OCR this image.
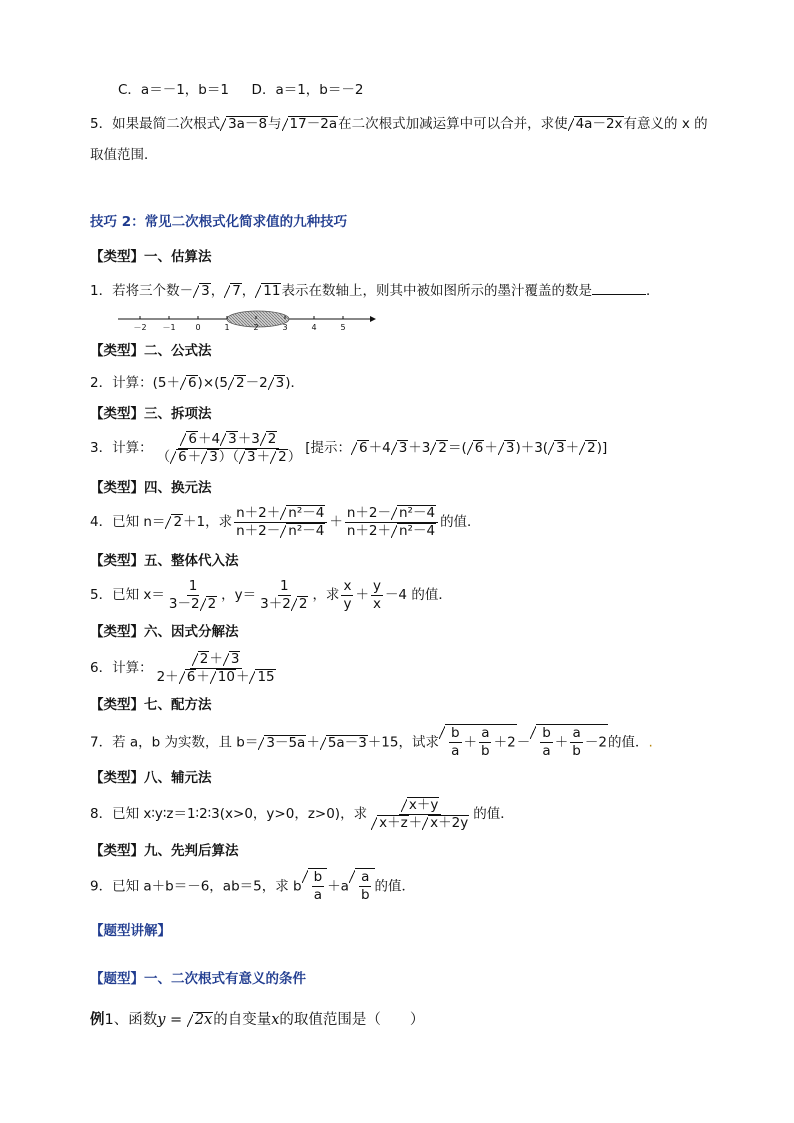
C．a＝－1，b＝1 D．a＝1，b＝－2
5．如果最简二次根式 3a－8与 17－2a在二次根式加减运算中可以合并，求使 4a－2x有意义的 x 的
取值范围．
技巧 2：常见二次根式化简求值的九种技巧
【类型】一、估算法
1．若将三个数－ 3， 7， 11表示在数轴上，则其中被如图所示的墨汁覆盖的数是	．
－2 －1 0	1	2	3	4	5
【类型】二、公式法
2．计算：(5＋ 6)×(5 2－2 3)．
【类型】三、拆项法
3．计算： $\frac{6+4 3+3 2}{( 6+ 3)( 3+ 2)}$ [提示： 6＋4 3＋3 2＝( 6＋ 3)＋3( 3＋ 2)]
【类型】四、换元法
4．已知 n＝ 2＋1，求 $\frac{\text{n＋2＋ n²－4}}{\text{n＋2－ n²－4}} + \frac{\text{n＋2－ n²－4}}{\text{n＋2＋ n²－4}}$ 的值．
【类型】五、整体代入法
5．已知 $x= \frac{1}{3-2 2}$ ，$y= \frac{1}{3+2 2}$ ，求 $\frac{x}{y} + \frac{y}{x} -4$ 的值．
【类型】六、因式分解法
6．计算： $\frac{2+ 3}{2+ 6+ 10+ 15}$
【类型】七、配方法
7．若 a，b 为实数，且 b＝ 3－5a＋ 5a－3＋15，试求 $\frac{b}{a} + \frac{a}{b} +2- \frac{b}{a} + \frac{a}{b} -2$的值．.
【类型】八、辅元法
8．已知 x∶y∶z＝1∶2∶3(x>0，y>0，z>0)，求 $\frac{x+y}{x+z+ x+2y}$ 的值．
【类型】九、先判后算法
9．已知 a＋b＝－6，ab＝5，求 b $\frac{b}{a} +a \frac{a}{b}$ 的值．
【题型讲解】
【题型】一、二次根式有意义的条件
例1、函数y = 2x的自变量x的取值范围是（　　）
